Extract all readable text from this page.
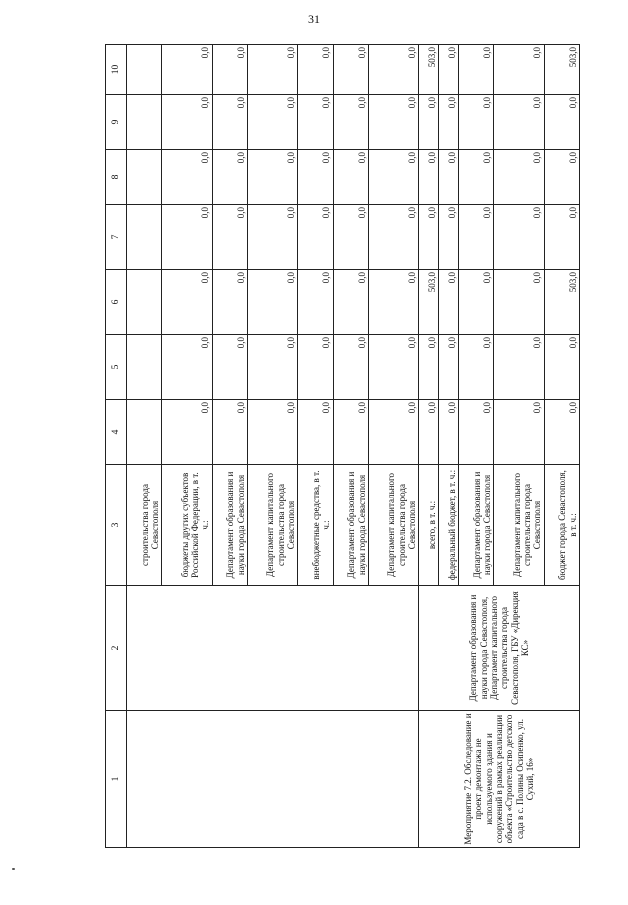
31
1	2	3	4	5	6	7	8	9	10
		строительства города Севастополя							
		бюджеты других субъектов Российской Федерации, в т. ч.:	0,0	0,0	0,0	0,0	0,0	0,0	0,0
		Департамент образования и науки города Севастополя	0,0	0,0	0,0	0,0	0,0	0,0	0,0
		Департамент капитального строительства города Севастополя	0,0	0,0	0,0	0,0	0,0	0,0	0,0
		внебюджетные средства, в т. ч.:	0,0	0,0	0,0	0,0	0,0	0,0	0,0
		Департамент образования и науки города Севастополя	0,0	0,0	0,0	0,0	0,0	0,0	0,0
		Департамент капитального строительства города Севастополя	0,0	0,0	0,0	0,0	0,0	0,0	0,0
Мероприятие 7.2. Обследование и проект демонтажа не используемого здания и сооружений в рамках реализации объекта «Строительство детского сада в с. Полины Осипенко, ул. Сухий, 16»	Департамент образования и науки города Севастополя, Департамент капитального строительства города Севастополя, ГБУ «Дирекция КС»	всего, в т. ч.:	0,0	0,0	503,0	0,0	0,0	0,0	503,0
		федеральный бюджет, в т. ч.:	0,0	0,0	0,0	0,0	0,0	0,0	0,0
		Департамент образования и науки города Севастополя	0,0	0,0	0,0	0,0	0,0	0,0	0,0
		Департамент капитального строительства города Севастополя	0,0	0,0	0,0	0,0	0,0	0,0	0,0
		бюджет города Севастополя, в т. ч.:	0,0	0,0	503,0	0,0	0,0	0,0	503,0
